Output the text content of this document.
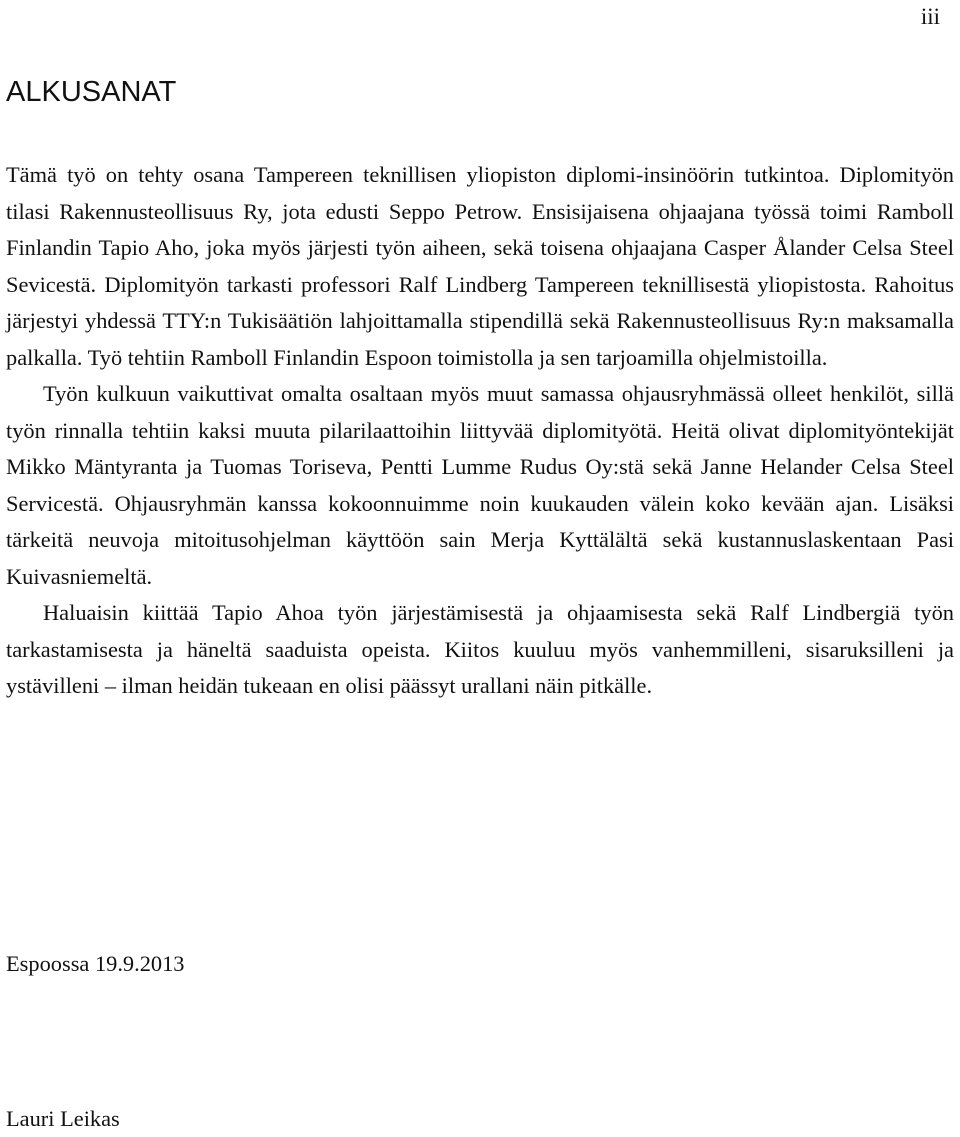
iii
ALKUSANAT

Tämä työ on tehty osana Tampereen teknillisen yliopiston diplomi-insinöörin tutkintoa. Diplomityön tilasi Rakennusteollisuus Ry, jota edusti Seppo Petrow. Ensisijaisena ohjaajana työssä toimi Ramboll Finlandin Tapio Aho, joka myös järjesti työn aiheen, sekä toisena ohjaajana Casper Ålander Celsa Steel Sevicestä. Diplomityön tarkasti professori Ralf Lindberg Tampereen teknillisestä yliopistosta. Rahoitus järjestyi yhdessä TTY:n Tukisäätiön lahjoittamalla stipendillä sekä Rakennusteollisuus Ry:n maksamalla palkalla. Työ tehtiin Ramboll Finlandin Espoon toimistolla ja sen tarjoamilla ohjelmistoilla.

Työn kulkuun vaikuttivat omalta osaltaan myös muut samassa ohjausryhmässä olleet henkilöt, sillä työn rinnalla tehtiin kaksi muuta pilarilaattoihin liittyvää diplomityötä. Heitä olivat diplomityöntekijät Mikko Mäntyranta ja Tuomas Toriseva, Pentti Lumme Rudus Oy:stä sekä Janne Helander Celsa Steel Servicestä. Ohjausryhmän kanssa kokoonnuimme noin kuukauden välein koko kevään ajan. Lisäksi tärkeitä neuvoja mitoitusohjelman käyttöön sain Merja Kyttälältä sekä kustannuslaskentaan Pasi Kuivasniemeltä.

Haluaisin kiittää Tapio Ahoa työn järjestämisestä ja ohjaamisesta sekä Ralf Lindbergiä työn tarkastamisesta ja häneltä saaduista opeista. Kiitos kuuluu myös vanhemmilleni, sisaruksilleni ja ystävilleni – ilman heidän tukeaan en olisi päässyt urallani näin pitkälle.

Espoossa 19.9.2013
Lauri Leikas
